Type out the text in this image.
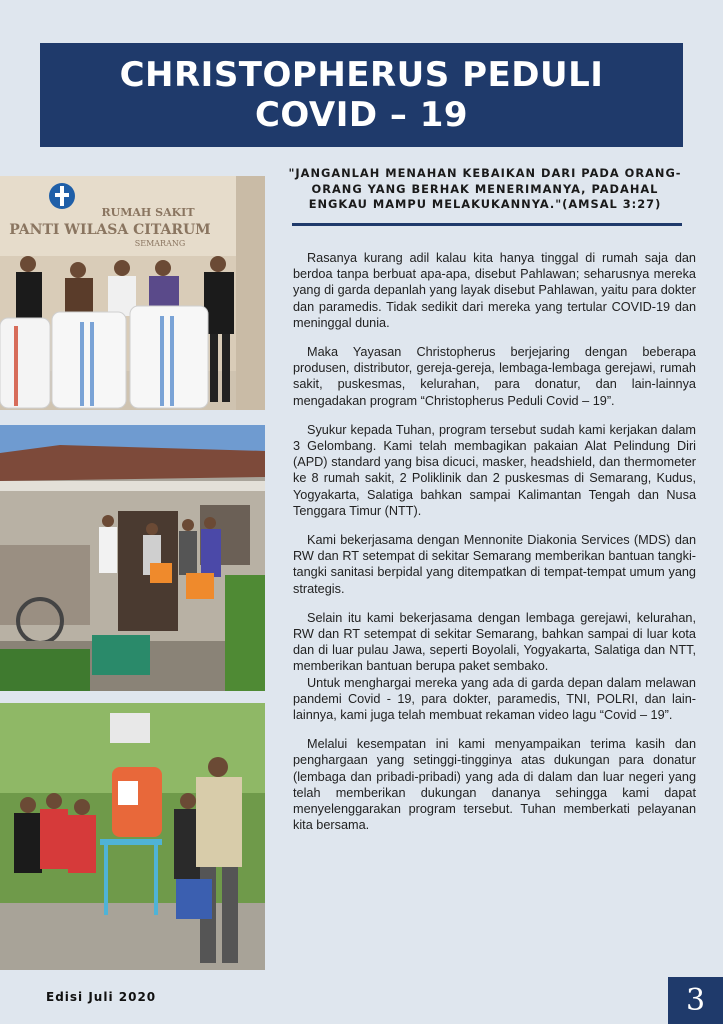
CHRISTOPHERUS PEDULI
COVID – 19
"JANGANLAH MENAHAN KEBAIKAN DARI PADA ORANG-
ORANG YANG BERHAK MENERIMANYA, PADAHAL
ENGKAU MAMPU MELAKUKANNYA."(AMSAL 3:27)
RUMAH SAKIT
PANTI WILASA CITARUM
SEMARANG

Rasanya kurang adil kalau kita hanya tinggal di rumah saja dan berdoa tanpa berbuat apa-apa, disebut Pahlawan; seharusnya mereka yang di garda depanlah yang layak disebut Pahlawan, yaitu para dokter dan paramedis. Tidak sedikit dari mereka yang tertular COVID-19 dan meninggal dunia.

Maka Yayasan Christopherus berjejaring dengan beberapa produsen, distributor, gereja-gereja, lembaga-lembaga gerejawi, rumah sakit, puskesmas, kelurahan, para donatur, dan lain-lainnya mengadakan program “Christopherus Peduli Covid – 19”.

Syukur kepada Tuhan, program tersebut sudah kami kerjakan dalam 3 Gelombang. Kami telah membagikan pakaian Alat Pelindung Diri (APD) standard yang bisa dicuci, masker, headshield, dan thermometer ke 8 rumah sakit, 2 Poliklinik dan 2 puskesmas di Semarang, Kudus, Yogyakarta, Salatiga bahkan sampai Kalimantan Tengah dan Nusa Tenggara Timur (NTT).

Kami bekerjasama dengan Mennonite Diakonia Services (MDS) dan RW dan RT setempat di sekitar Semarang memberikan bantuan tangki-tangki sanitasi berpidal yang ditempatkan di tempat-tempat umum yang strategis.

Selain itu kami bekerjasama dengan lembaga gerejawi, kelurahan, RW dan RT setempat di sekitar Semarang, bahkan sampai di luar kota dan di luar pulau Jawa, seperti Boyolali, Yogyakarta, Salatiga dan NTT, memberikan bantuan berupa paket sembako.

Untuk menghargai mereka yang ada di garda depan dalam melawan pandemi Covid - 19, para dokter, paramedis, TNI, POLRI, dan lain-lainnya, kami juga telah membuat rekaman video lagu “Covid – 19”.

Melalui kesempatan ini kami menyampaikan terima kasih dan penghargaan yang setinggi-tingginya atas dukungan para donatur (lembaga dan pribadi-pribadi) yang ada di dalam dan luar negeri yang telah memberikan dukungan dananya sehingga kami dapat menyelenggarakan program tersebut. Tuhan memberkati pelayanan kita bersama.

Edisi Juli 2020	3
